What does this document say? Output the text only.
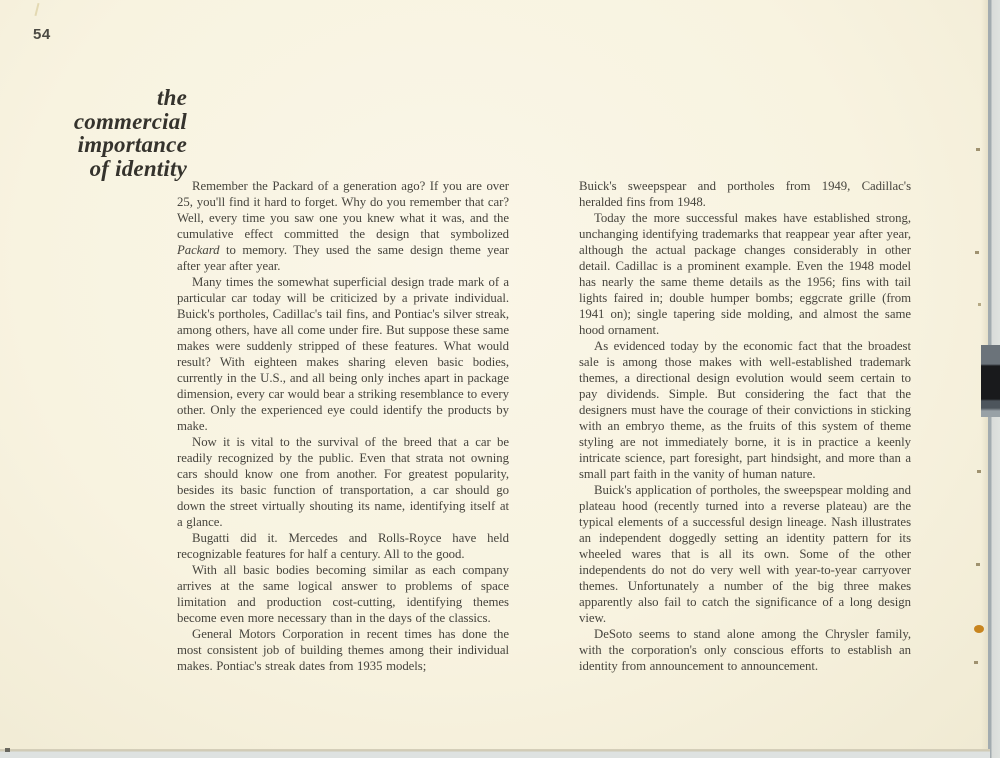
54
the
commercial
importance
of identity

Remember the Packard of a generation ago? If you are over 25, you'll find it hard to forget. Why do you remember that car? Well, every time you saw one you knew what it was, and the cumulative effect committed the design that symbolized Packard to memory. They used the same design theme year after year after year.

Many times the somewhat superficial design trade mark of a particular car today will be criticized by a private individual. Buick's portholes, Cadillac's tail fins, and Pontiac's silver streak, among others, have all come under fire. But suppose these same makes were suddenly stripped of these features. What would result? With eighteen makes sharing eleven basic bodies, currently in the U.S., and all being only inches apart in package dimension, every car would bear a striking resemblance to every other. Only the experienced eye could identify the products by make.

Now it is vital to the survival of the breed that a car be readily recognized by the public. Even that strata not owning cars should know one from another. For greatest popularity, besides its basic function of transportation, a car should go down the street virtually shouting its name, identifying itself at a glance.

Bugatti did it. Mercedes and Rolls-Royce have held recognizable features for half a century. All to the good.

With all basic bodies becoming similar as each company arrives at the same logical answer to problems of space limitation and production cost-cutting, identifying themes become even more necessary than in the days of the classics.

General Motors Corporation in recent times has done the most consistent job of building themes among their individual makes. Pontiac's streak dates from 1935 models;

Buick's sweepspear and portholes from 1949, Cadillac's heralded fins from 1948.

Today the more successful makes have established strong, unchanging identifying trademarks that reappear year after year, although the actual package changes considerably in other detail. Cadillac is a prominent example. Even the 1948 model has nearly the same theme details as the 1956; fins with tail lights faired in; double humper bombs; eggcrate grille (from 1941 on); single tapering side molding, and almost the same hood ornament.

As evidenced today by the economic fact that the broadest sale is among those makes with well-established trademark themes, a directional design evolution would seem certain to pay dividends. Simple. But considering the fact that the designers must have the courage of their convictions in sticking with an embryo theme, as the fruits of this system of theme styling are not immediately borne, it is in practice a keenly intricate science, part foresight, part hindsight, and more than a small part faith in the vanity of human nature.

Buick's application of portholes, the sweepspear molding and plateau hood (recently turned into a reverse plateau) are the typical elements of a successful design lineage. Nash illustrates an independent doggedly setting an identity pattern for its wheeled wares that is all its own. Some of the other independents do not do very well with year-to-year carryover themes. Unfortunately a number of the big three makes apparently also fail to catch the significance of a long design view.

DeSoto seems to stand alone among the Chrysler family, with the corporation's only conscious efforts to establish an identity from announcement to announcement.
